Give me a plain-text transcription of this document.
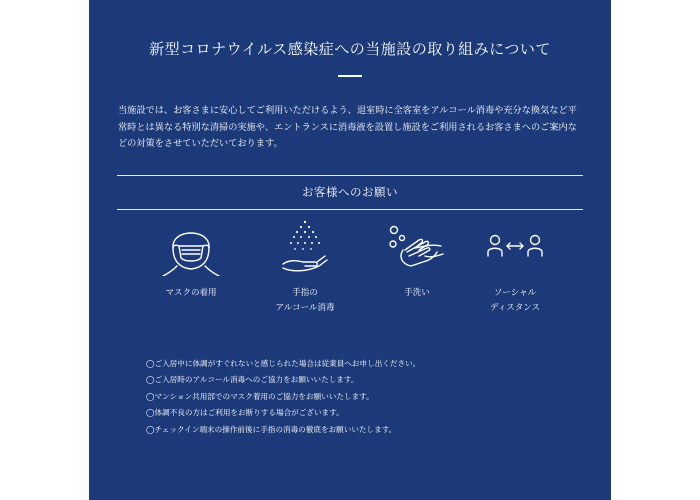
新型コロナウイルス感染症への当施設の取り組みについて
当施設では、お客さまに安心してご利用いただけるよう、退室時に全客室をアルコール消毒や充分な換気など平常時とは異なる特別な清掃の実施や、エントランスに消毒液を設置し施設をご利用されるお客さまへのご案内などの対策をさせていただいております。
お客様へのお願い
マスクの着用	手指の
アルコール消毒
手洗い	ソーシャル
ディスタンス
◯ご入居中に体調がすぐれないと感じられた場合は従業員へお申し出ください。
◯ご入居時のアルコール消毒へのご協力をお願いいたします。
◯マンション共用部でのマスク着用のご協力をお願いいたします。
◯体調不良の方はご利用をお断りする場合がございます。
◯チェックイン端末の操作前後に手指の消毒の徹底をお願いいたします。
